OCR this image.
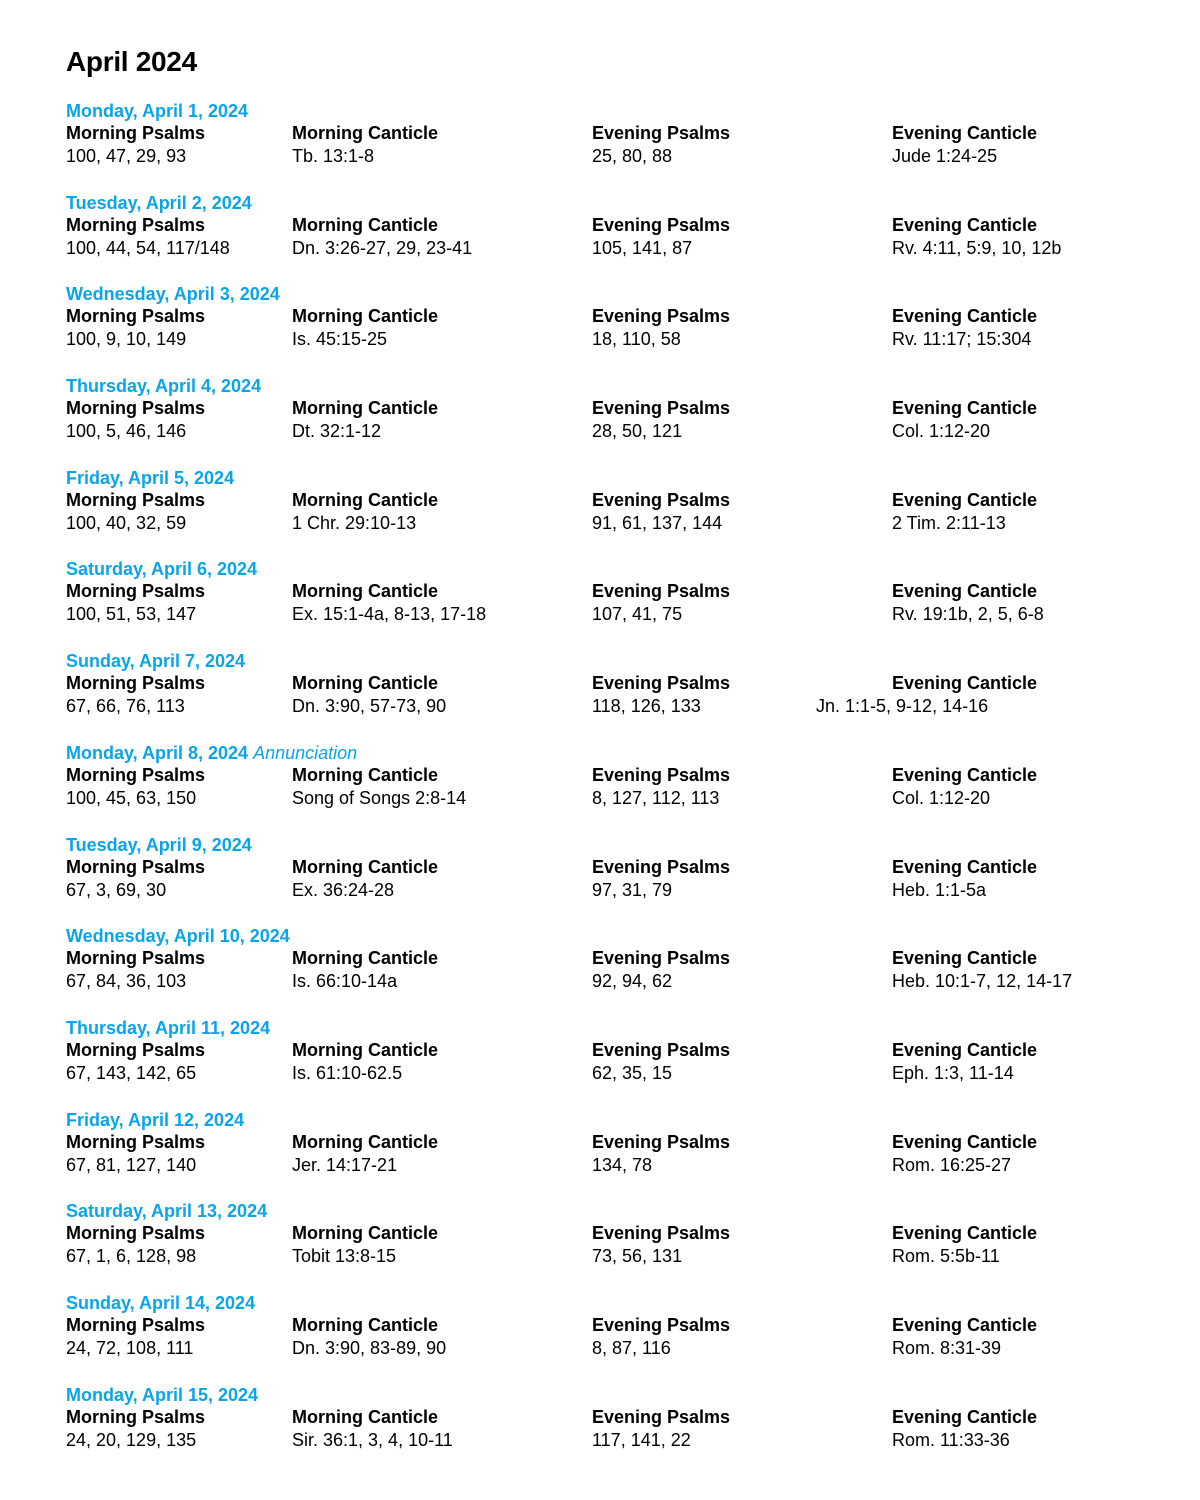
April 2024
Monday, April 1, 2024
Morning Psalms
100, 47, 29, 93
Morning Canticle
Tb. 13:1-8
Evening Psalms
25, 80, 88
Evening Canticle
Jude 1:24-25
Tuesday, April 2, 2024
Morning Psalms
100, 44, 54, 117/148
Morning Canticle
Dn. 3:26-27, 29, 23-41
Evening Psalms
105, 141, 87
Evening Canticle
Rv. 4:11, 5:9, 10, 12b
Wednesday, April 3, 2024
Morning Psalms
100, 9, 10, 149
Morning Canticle
Is. 45:15-25
Evening Psalms
18, 110, 58
Evening Canticle
Rv. 11:17; 15:304
Thursday, April 4, 2024
Morning Psalms
100, 5, 46, 146
Morning Canticle
Dt. 32:1-12
Evening Psalms
28, 50, 121
Evening Canticle
Col. 1:12-20
Friday, April 5, 2024
Morning Psalms
100, 40, 32, 59
Morning Canticle
1 Chr. 29:10-13
Evening Psalms
91, 61, 137, 144
Evening Canticle
2 Tim. 2:11-13
Saturday, April 6, 2024
Morning Psalms
100, 51, 53, 147
Morning Canticle
Ex. 15:1-4a, 8-13, 17-18
Evening Psalms
107, 41, 75
Evening Canticle
Rv. 19:1b, 2, 5, 6-8
Sunday, April 7, 2024
Morning Psalms
67, 66, 76, 113
Morning Canticle
Dn. 3:90, 57-73, 90
Evening Psalms
118, 126, 133
Evening Canticle
Jn. 1:1-5, 9-12, 14-16
Monday, April 8, 2024 Annunciation
Morning Psalms
100, 45, 63, 150
Morning Canticle
Song of Songs 2:8-14
Evening Psalms
8, 127, 112, 113
Evening Canticle
Col. 1:12-20
Tuesday, April 9, 2024
Morning Psalms
67, 3, 69, 30
Morning Canticle
Ex. 36:24-28
Evening Psalms
97, 31, 79
Evening Canticle
Heb. 1:1-5a
Wednesday, April 10, 2024
Morning Psalms
67, 84, 36, 103
Morning Canticle
Is. 66:10-14a
Evening Psalms
92, 94, 62
Evening Canticle
Heb. 10:1-7, 12, 14-17
Thursday, April 11, 2024
Morning Psalms
67, 143, 142, 65
Morning Canticle
Is. 61:10-62.5
Evening Psalms
62, 35, 15
Evening Canticle
Eph. 1:3, 11-14
Friday, April 12, 2024
Morning Psalms
67, 81, 127, 140
Morning Canticle
Jer. 14:17-21
Evening Psalms
134, 78
Evening Canticle
Rom. 16:25-27
Saturday, April 13, 2024
Morning Psalms
67, 1, 6, 128, 98
Morning Canticle
Tobit 13:8-15
Evening Psalms
73, 56, 131
Evening Canticle
Rom. 5:5b-11
Sunday, April 14, 2024
Morning Psalms
24, 72, 108, 111
Morning Canticle
Dn. 3:90, 83-89, 90
Evening Psalms
8, 87, 116
Evening Canticle
Rom. 8:31-39
Monday, April 15, 2024
Morning Psalms
24, 20, 129, 135
Morning Canticle
Sir. 36:1, 3, 4, 10-11
Evening Psalms
117, 141, 22
Evening Canticle
Rom. 11:33-36
